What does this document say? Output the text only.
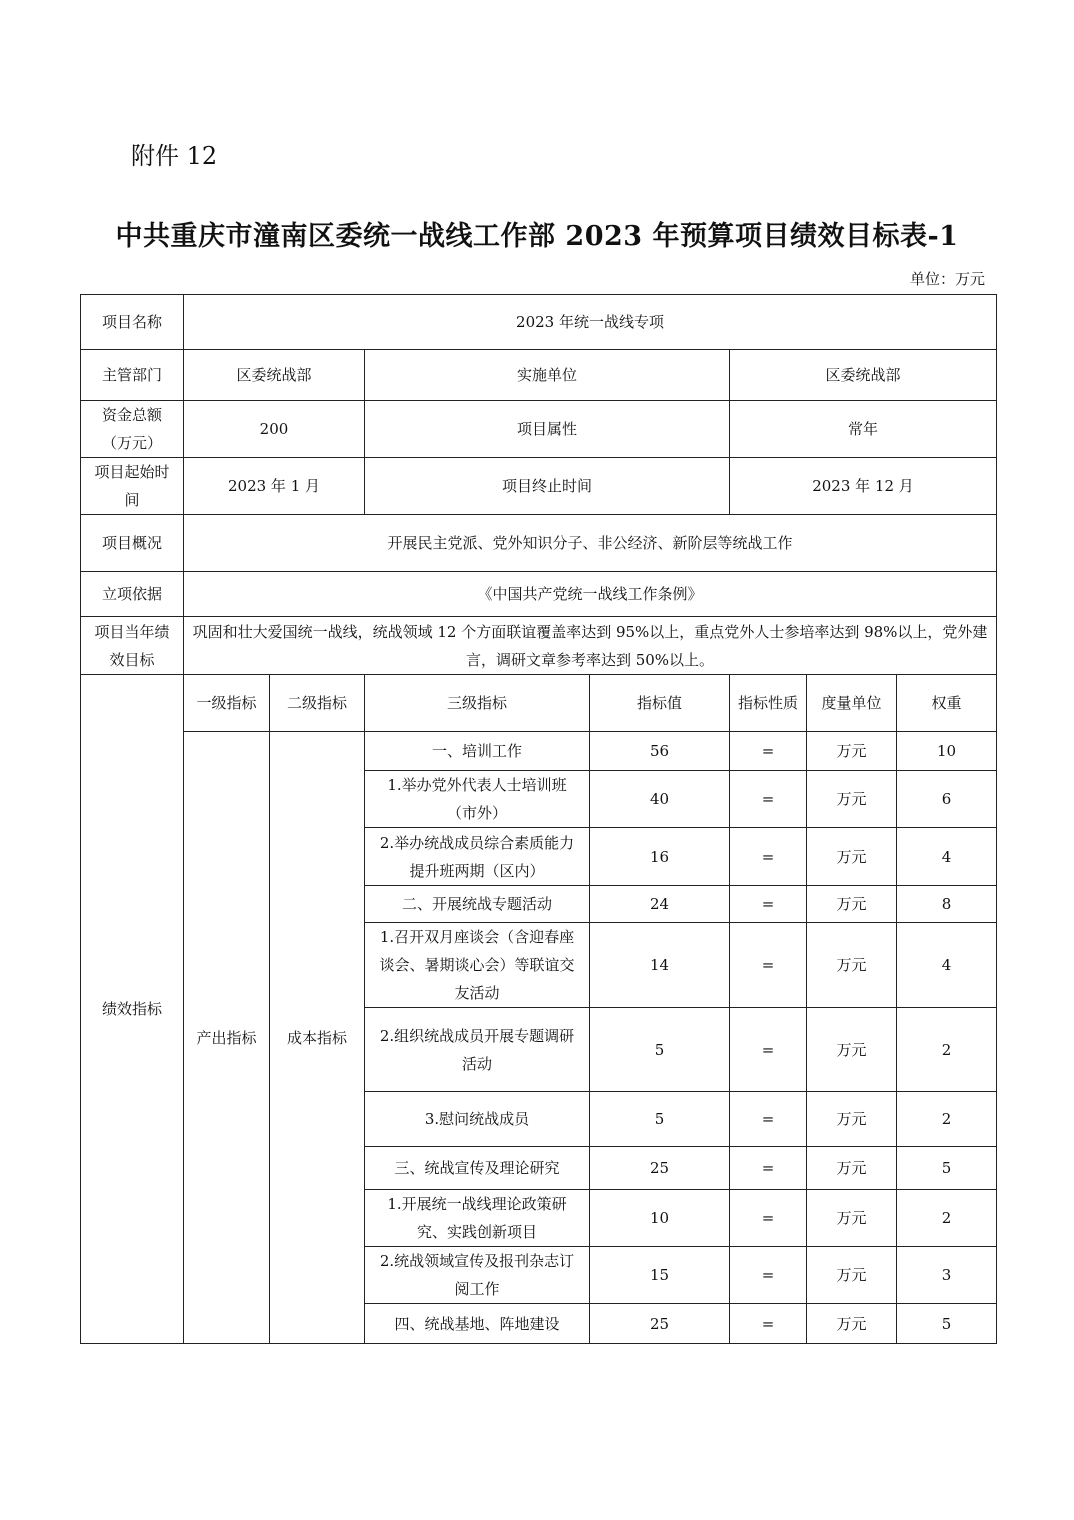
附件 12
中共重庆市潼南区委统一战线工作部 2023 年预算项目绩效目标表-1
单位：万元
项目名称	2023 年统一战线专项						
主管部门	区委统战部		实施单位		区委统战部		
资金总额（万元）	200		项目属性		常年		
项目起始时间	2023 年 1 月		项目终止时间		2023 年 12 月		
项目概况	开展民主党派、党外知识分子、非公经济、新阶层等统战工作						
立项依据	《中国共产党统一战线工作条例》						
项目当年绩效目标	巩固和壮大爱国统一战线，统战领域 12 个方面联谊覆盖率达到 95%以上，重点党外人士参培率达到 98%以上，党外建言，调研文章参考率达到 50%以上。						
绩效指标	一级指标	二级指标	三级指标	指标值	指标性质	度量单位	权重
	产出指标	成本指标	一、培训工作	56	=	万元	10
			1.举办党外代表人士培训班（市外）	40	=	万元	6
			2.举办统战成员综合素质能力提升班两期（区内）	16	=	万元	4
			二、开展统战专题活动	24	=	万元	8
			1.召开双月座谈会（含迎春座谈会、暑期谈心会）等联谊交友活动	14	=	万元	4
			2.组织统战成员开展专题调研活动	5	=	万元	2
			3.慰问统战成员	5	=	万元	2
			三、统战宣传及理论研究	25	=	万元	5
			1.开展统一战线理论政策研究、实践创新项目	10	=	万元	2
			2.统战领域宣传及报刊杂志订阅工作	15	=	万元	3
			四、统战基地、阵地建设	25	=	万元	5
